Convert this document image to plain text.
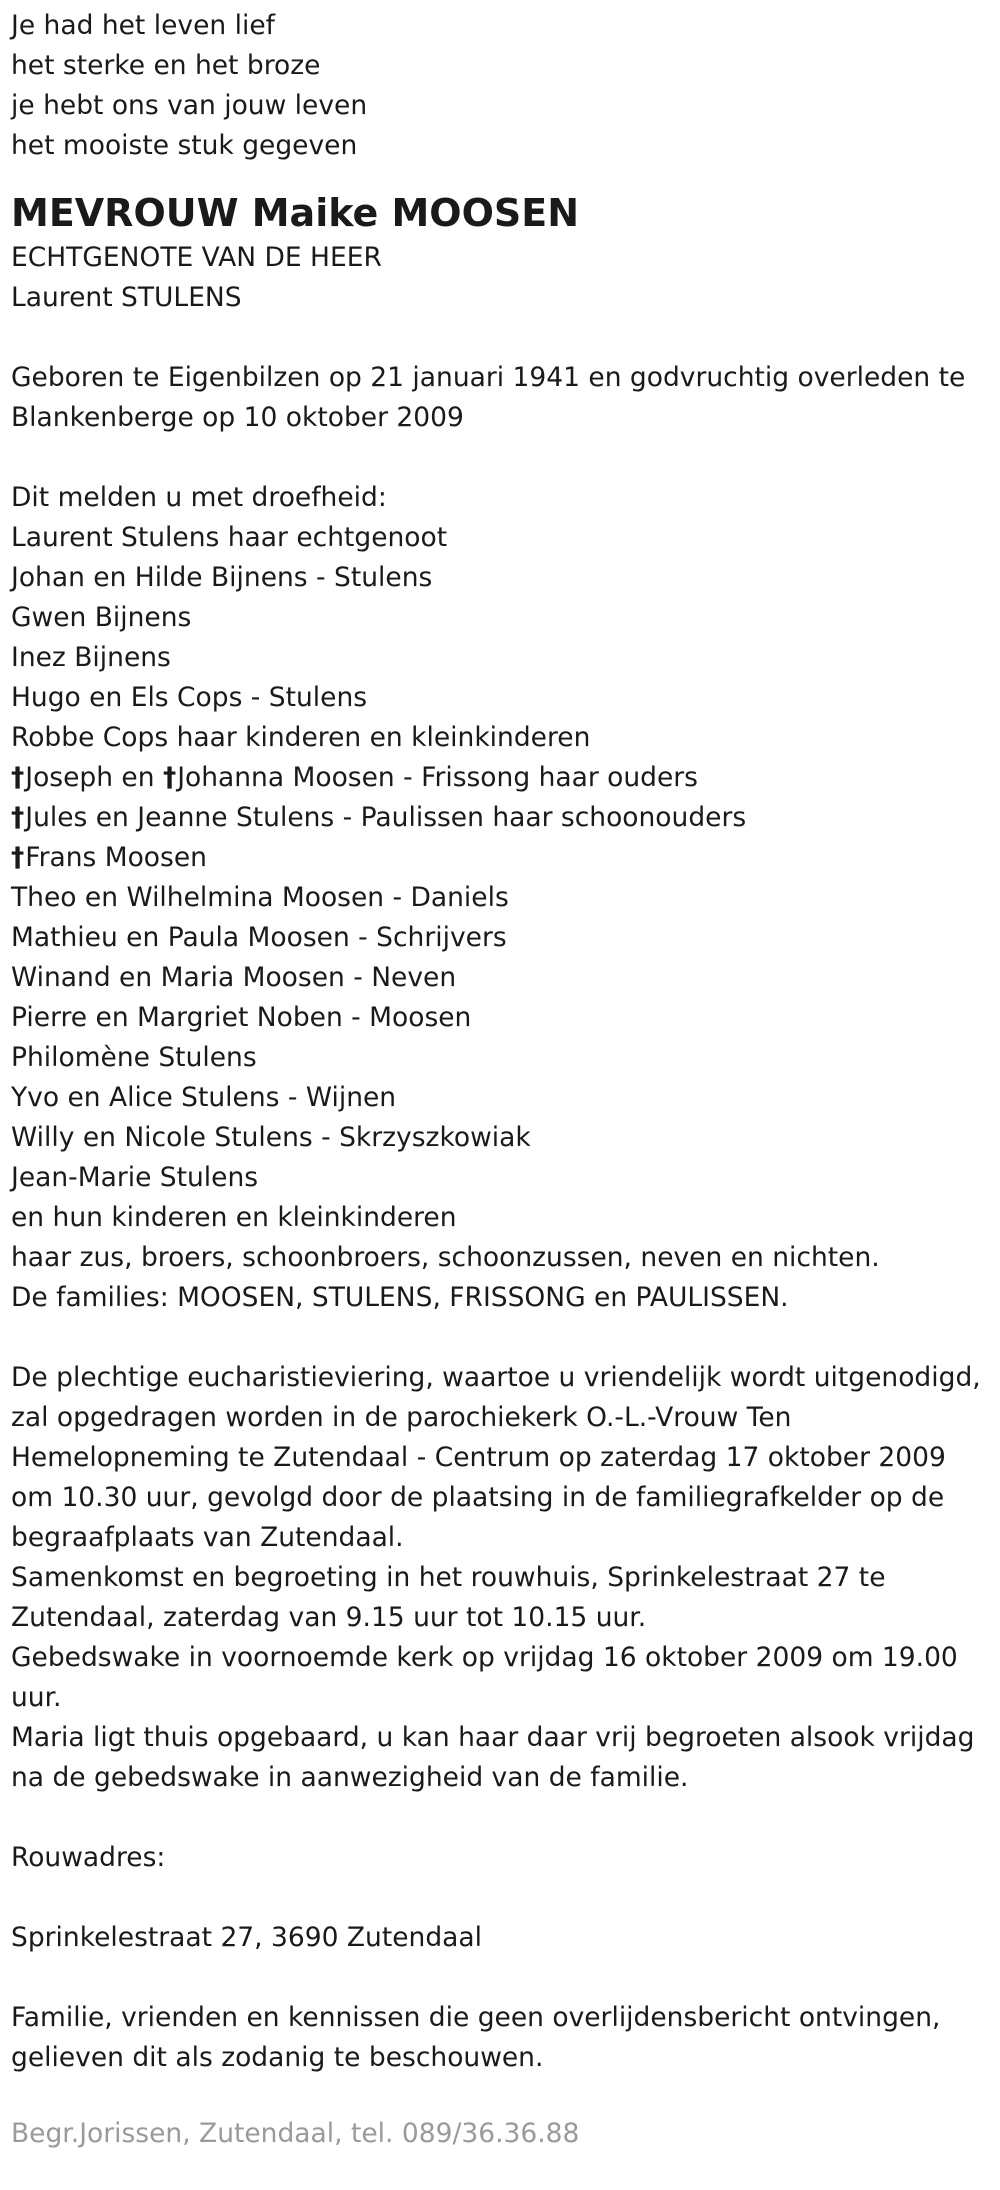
Je had het leven lief

het sterke en het broze

je hebt ons van jouw leven

het mooiste stuk gegeven

MEVROUW Maike MOOSEN

ECHTGENOTE VAN DE HEER

Laurent STULENS

Geboren te Eigenbilzen op 21 januari 1941 en godvruchtig overleden te Blankenberge op 10 oktober 2009

Dit melden u met droefheid:

Laurent Stulens haar echtgenoot

Johan en Hilde Bijnens - Stulens

Gwen Bijnens

Inez Bijnens

Hugo en Els Cops - Stulens

Robbe Cops haar kinderen en kleinkinderen

†Joseph en †Johanna Moosen - Frissong haar ouders

†Jules en Jeanne Stulens - Paulissen haar schoonouders

†Frans Moosen

Theo en Wilhelmina Moosen - Daniels

Mathieu en Paula Moosen - Schrijvers

Winand en Maria Moosen - Neven

Pierre en Margriet Noben - Moosen

Philomène Stulens

Yvo en Alice Stulens - Wijnen

Willy en Nicole Stulens - Skrzyszkowiak

Jean-Marie Stulens

en hun kinderen en kleinkinderen

haar zus, broers, schoonbroers, schoonzussen, neven en nichten.

De families: MOOSEN, STULENS, FRISSONG en PAULISSEN.

De plechtige eucharistieviering, waartoe u vriendelijk wordt uitgenodigd, zal opgedragen worden in de parochiekerk O.-L.-Vrouw Ten Hemelopneming te Zutendaal - Centrum op zaterdag 17 oktober 2009 om 10.30 uur, gevolgd door de plaatsing in de familiegrafkelder op de begraafplaats van Zutendaal.

Samenkomst en begroeting in het rouwhuis, Sprinkelestraat 27 te Zutendaal, zaterdag van 9.15 uur tot 10.15 uur.

Gebedswake in voornoemde kerk op vrijdag 16 oktober 2009 om 19.00 uur.

Maria ligt thuis opgebaard, u kan haar daar vrij begroeten alsook vrijdag na de gebedswake in aanwezigheid van de familie.

Rouwadres:

Sprinkelestraat 27, 3690 Zutendaal

Familie, vrienden en kennissen die geen overlijdensbericht ontvingen, gelieven dit als zodanig te beschouwen.

Begr.Jorissen, Zutendaal, tel. 089/36.36.88
